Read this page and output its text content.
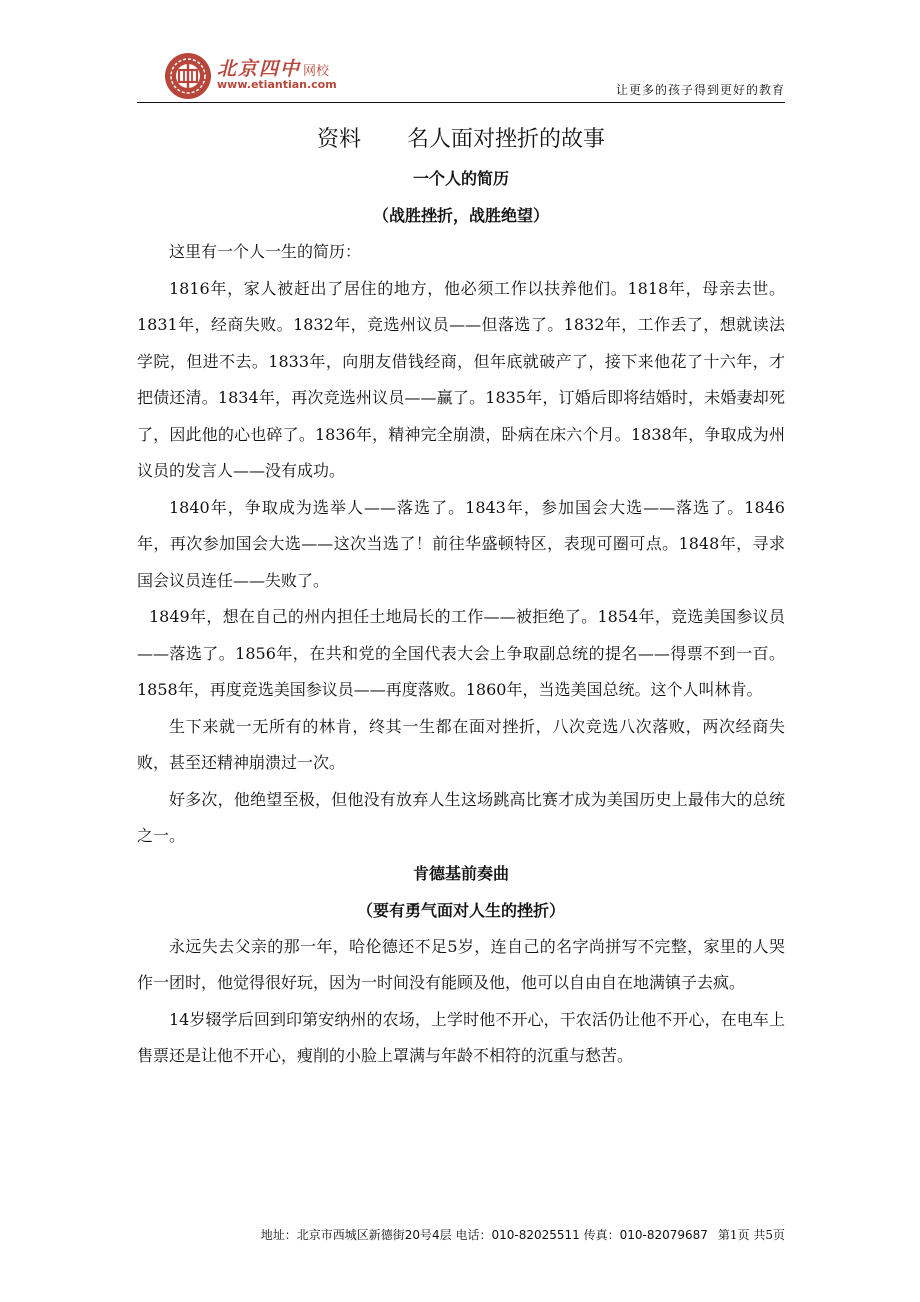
北京四中 网校
www.etiantian.com	让更多的孩子得到更好的教育
资料 名人面对挫折的故事
一个人的简历
（战胜挫折，战胜绝望）

这里有一个人一生的简历：

1816年，家人被赶出了居住的地方，他必须工作以扶养他们。1818年，母亲去世。1831年，经商失败。1832年，竞选州议员——但落选了。1832年，工作丢了，想就读法学院，但进不去。1833年，向朋友借钱经商，但年底就破产了，接下来他花了十六年，才把债还清。1834年，再次竞选州议员——赢了。1835年，订婚后即将结婚时，未婚妻却死了，因此他的心也碎了。1836年，精神完全崩溃，卧病在床六个月。1838年，争取成为州议员的发言人——没有成功。

1840年，争取成为选举人——落选了。1843年，参加国会大选——落选了。1846年，再次参加国会大选——这次当选了！前往华盛顿特区，表现可圈可点。1848年，寻求国会议员连任——失败了。

1849年，想在自己的州内担任土地局长的工作——被拒绝了。1854年，竞选美国参议员——落选了。1856年，在共和党的全国代表大会上争取副总统的提名——得票不到一百。1858年，再度竞选美国参议员——再度落败。1860年，当选美国总统。这个人叫林肯。

生下来就一无所有的林肯，终其一生都在面对挫折，八次竞选八次落败，两次经商失败，甚至还精神崩溃过一次。

好多次，他绝望至极，但他没有放弃人生这场跳高比赛才成为美国历史上最伟大的总统之一。

肯德基前奏曲
（要有勇气面对人生的挫折）

永远失去父亲的那一年，哈伦德还不足5岁，连自己的名字尚拼写不完整，家里的人哭作一团时，他觉得很好玩，因为一时间没有能顾及他，他可以自由自在地满镇子去疯。

14岁辍学后回到印第安纳州的农场，上学时他不开心，干农活仍让他不开心，在电车上售票还是让他不开心，瘦削的小脸上罩满与年龄不相符的沉重与愁苦。

地址：北京市西城区新德街20号4层 电话：010-82025511 传真：010-82079687 第1页 共5页
